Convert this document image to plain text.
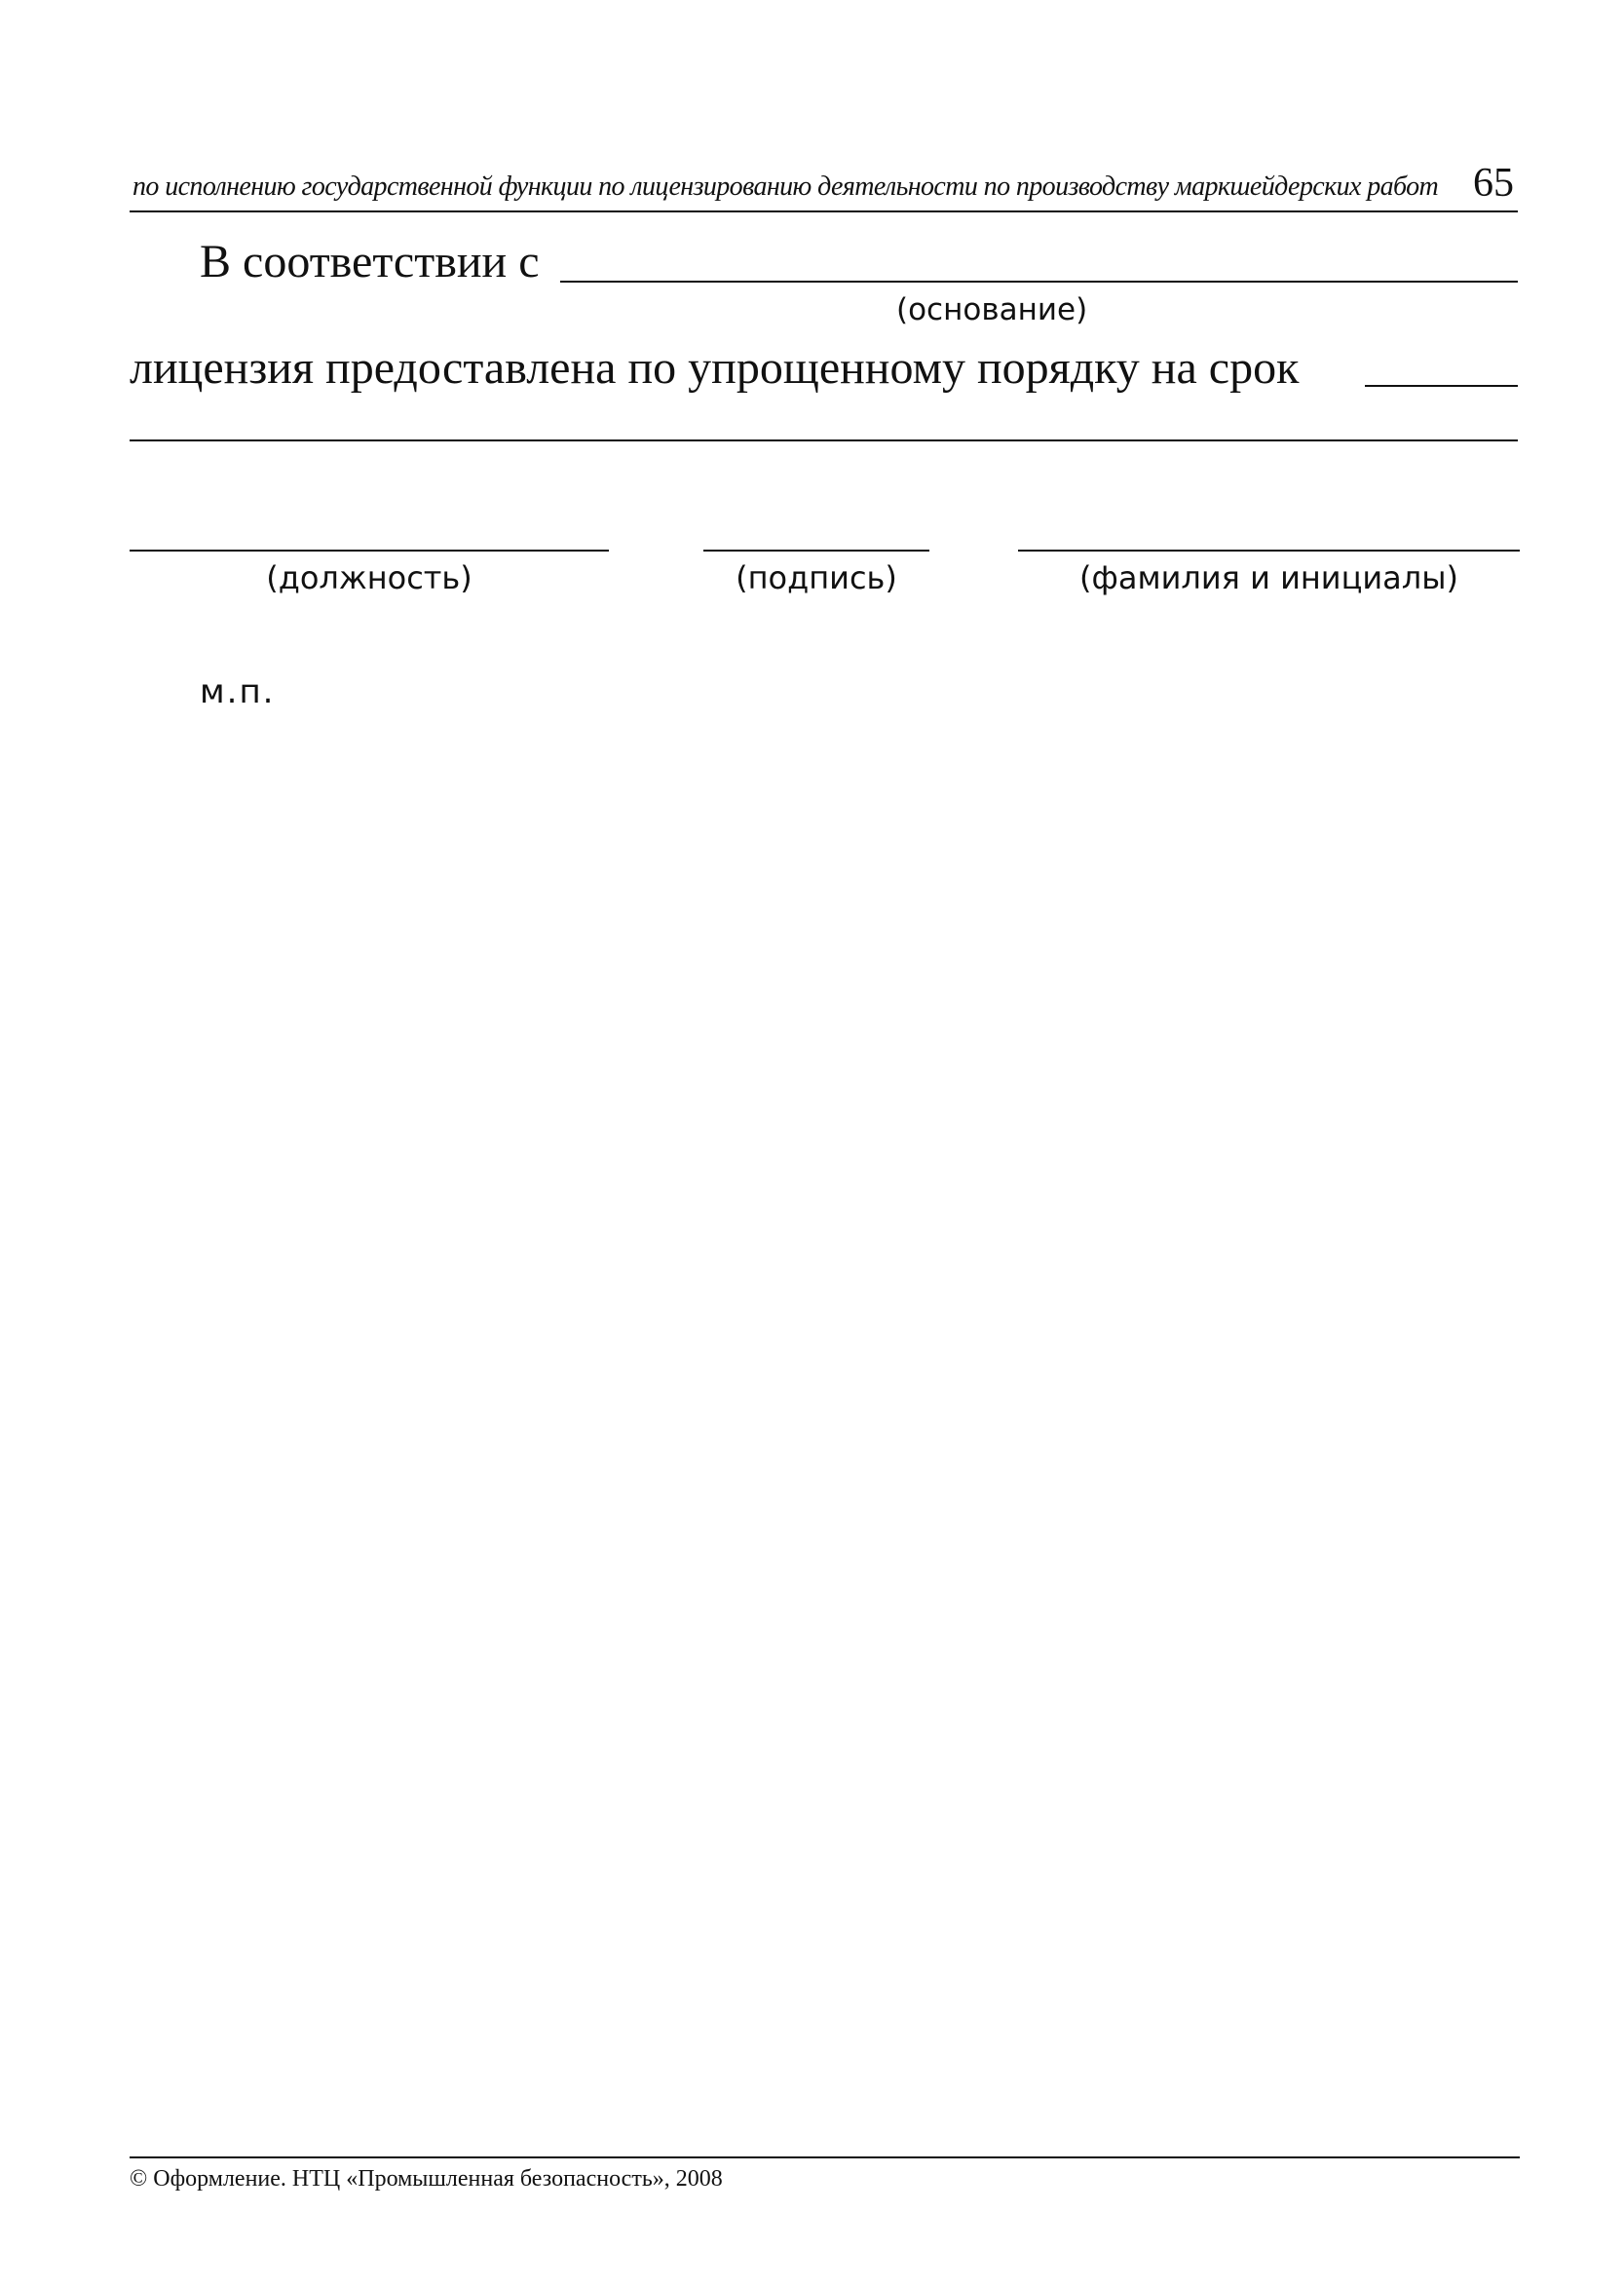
по исполнению государственной функции по лицензированию деятельности по производству маркшейдерских работ 65
В соответствии с
(основание)
лицензия предоставлена по упрощенному порядку на срок
(должность)	(подпись)	(фамилия и инициалы)
м.п.
© Оформление. НТЦ «Промышленная безопасность», 2008
